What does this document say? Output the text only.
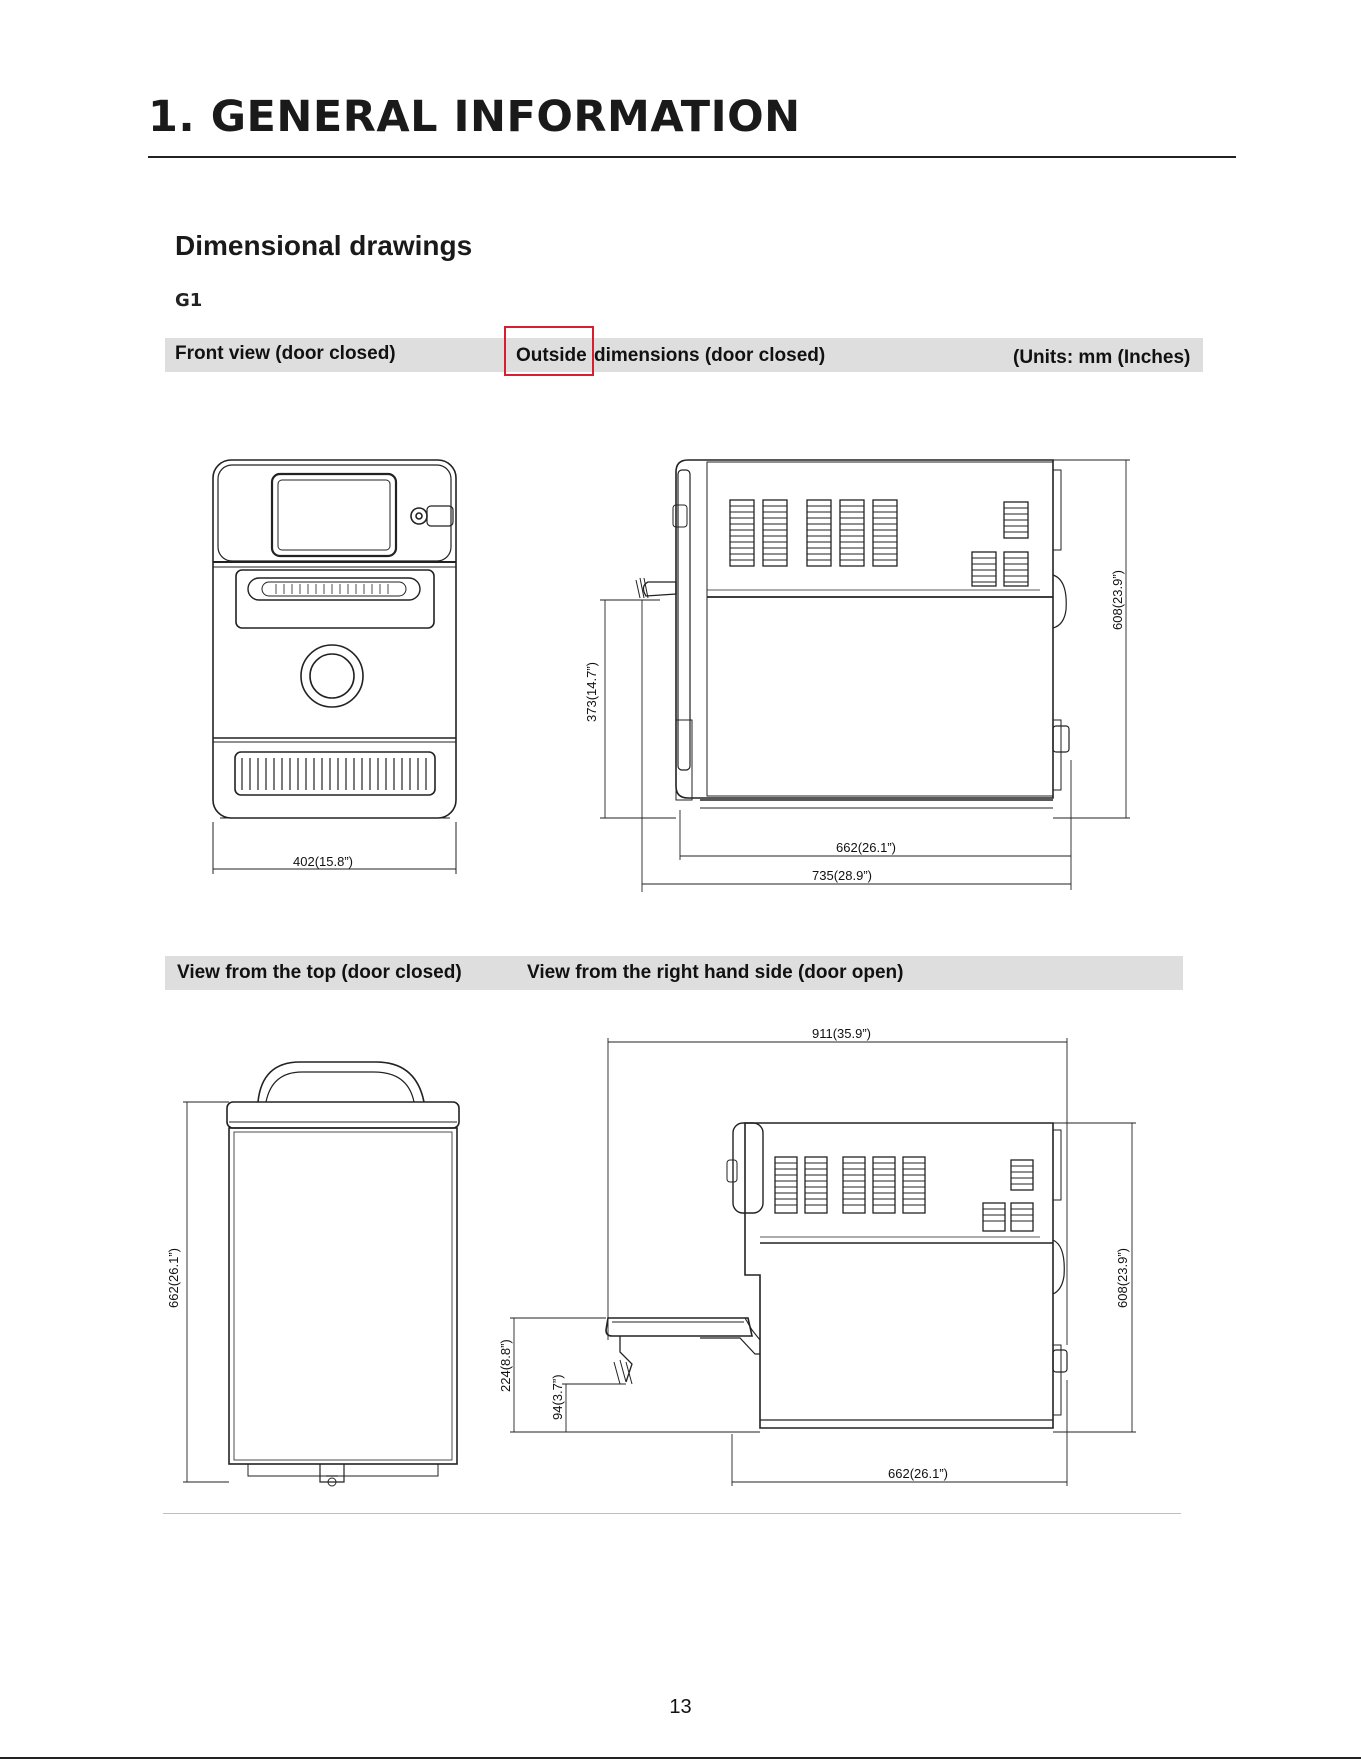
1. GENERAL INFORMATION
Dimensional drawings
G1
Front view (door closed)	Outside dimensions (door closed)	(Units: mm (Inches)
View from the top (door closed)	View from the right hand side (door open)
402(15.8”)
608(23.9”)
373(14.7”)
662(26.1”)
735(28.9”)
662(26.1”)
911(35.9”)
608(23.9”)
224(8.8”)
94(3.7”)
662(26.1”)
13
